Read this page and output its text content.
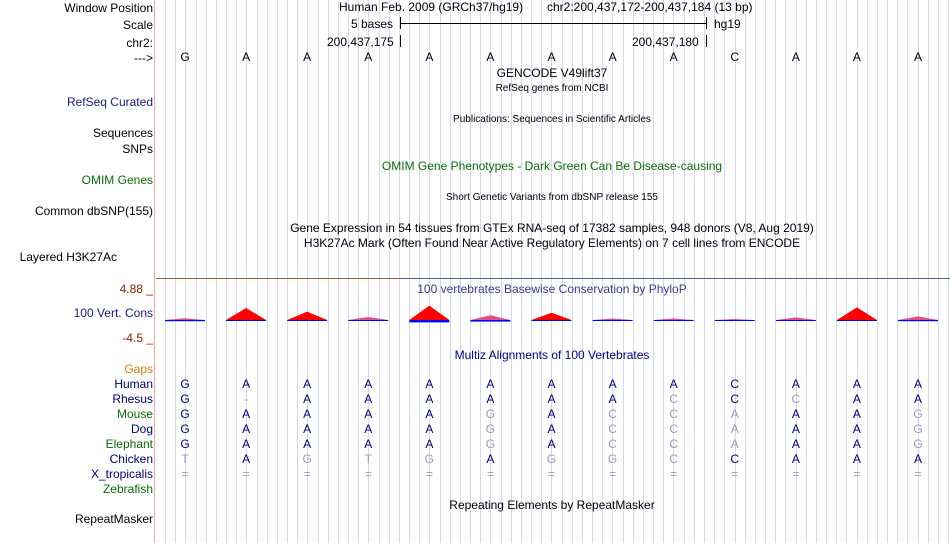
Window Position
Scale
chr2:
--->
Human Feb. 2009 (GRCh37/hg19) chr2:200,437,172-200,437,184 (13 bp)
5 bases	hg19
200,437,175	200,437,180
G	A	A	A	A	A	A	A	A	C	A	A	A
GENCODE V49lift37
RefSeq genes from NCBI
RefSeq Curated
Publications: Sequences in Scientific Articles
Sequences
SNPs
OMIM Gene Phenotypes - Dark Green Can Be Disease-causing
OMIM Genes
Short Genetic Variants from dbSNP release 155
Common dbSNP(155)
Gene Expression in 54 tissues from GTEx RNA-seq of 17382 samples, 948 donors (V8, Aug 2019)
H3K27Ac Mark (Often Found Near Active Regulatory Elements) on 7 cell lines from ENCODE
Layered H3K27Ac
4.88 _	100 vertebrates Basewise Conservation by PhyloP
100 Vert. Cons
-4.5 _
Multiz Alignments of 100 Vertebrates
Gaps
Human G	A	A	A	A	A	A	A	A	C	A	A	A
Rhesus G	-	A	A	A	A	A	A	C	C	C	A	A
Mouse G	A	A	A	A	G	A	C	C	A	A	A	G
Dog G	A	A	A	A	G	A	C	C	A	A	A	G
Elephant G	A	A	A	A	G	A	C	C	A	A	A	G
Chicken T	A	G	T	G	A	G	G	C	C	A	A	A
X_tropicalis =	=	=	=	=	=	=	=	=	=	=	=	=
Zebrafish
Repeating Elements by RepeatMasker
RepeatMasker
